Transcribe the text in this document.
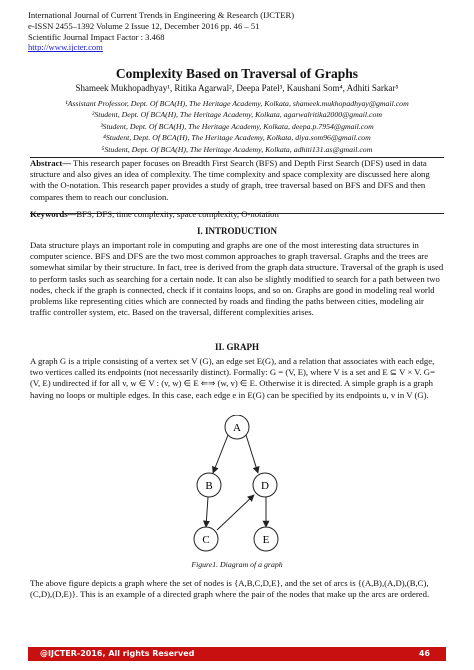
International Journal of Current Trends in Engineering & Research (IJCTER)
e-ISSN 2455–1392 Volume 2 Issue 12, December 2016 pp. 46 – 51
Scientific Journal Impact Factor : 3.468
http://www.ijcter.com
Complexity Based on Traversal of Graphs
Shameek Mukhopadhyay¹, Ritika Agarwal², Deepa Patel³, Kaushani Som⁴, Adhiti Sarkar⁵
¹Assistant Professor, Dept. Of BCA(H), The Heritage Academy, Kolkata, shameek.mukhopadhyay@gmail.com
²Student, Dept. Of BCA(H), The Heritage Academy, Kolkata, agarwalritika2000@gmail.com
³Student, Dept. Of BCA(H), The Heritage Academy, Kolkata, deepa.p.7954@gmail.com
⁴Student, Dept. Of BCA(H), The Heritage Academy, Kolkata, diya.som96@gmail.com
⁵Student, Dept. Of BCA(H), The Heritage Academy, Kolkata, adhiti131.as@gmail.com
Abstract— This research paper focuses on Breadth First Search (BFS) and Depth First Search (DFS) used in data structure and also gives an idea of complexity. The time complexity and space complexity are discussed here along with the O-notation. This research paper provides a study of graph, tree traversal based on BFS and DFS and then compares them to reach our conclusion.
Keywords—BFS, DFS, time complexity, space complexity, O-notation
I. INTRODUCTION
Data structure plays an important role in computing and graphs are one of the most interesting data structures in computer science. BFS and DFS are the two most common approaches to graph traversal. Graphs and the trees are somewhat similar by their structure. In fact, tree is derived from the graph data structure. Traversal of the graph is used to perform tasks such as searching for a certain node. It can also be slightly modified to search for a path between two nodes, check if the graph is connected, check if it contains loops, and so on. Graphs are good in modeling real world problems like representing cities which are connected by roads and finding the paths between cities, modeling air traffic controller system, etc. Based on the traversal, different complexities arises.
II. GRAPH
A graph G is a triple consisting of a vertex set V (G), an edge set E(G), and a relation that associates with each edge, two vertices called its endpoints (not necessarily distinct). Formally: G = (V, E), where V is a set and E ⊆ V × V. G= (V, E) undirected if for all v, w ∈ V : (v, w) ∈ E ⇐⇒ (w, v) ∈ E. Otherwise it is directed. A simple graph is a graph having no loops or multiple edges. In this case, each edge e in E(G) can be specified by its endpoints u, v in V (G).
A
B	D
C	E
Figure1. Diagram of a graph
The above figure depicts a graph where the set of nodes is {A,B,C,D,E}, and the set of arcs is {(A,B),(A,D),(B,C),(C,D),(D,E)}. This is an example of a directed graph where the pair of the nodes that make up the arcs are ordered.
@IJCTER-2016, All rights Reserved	46
